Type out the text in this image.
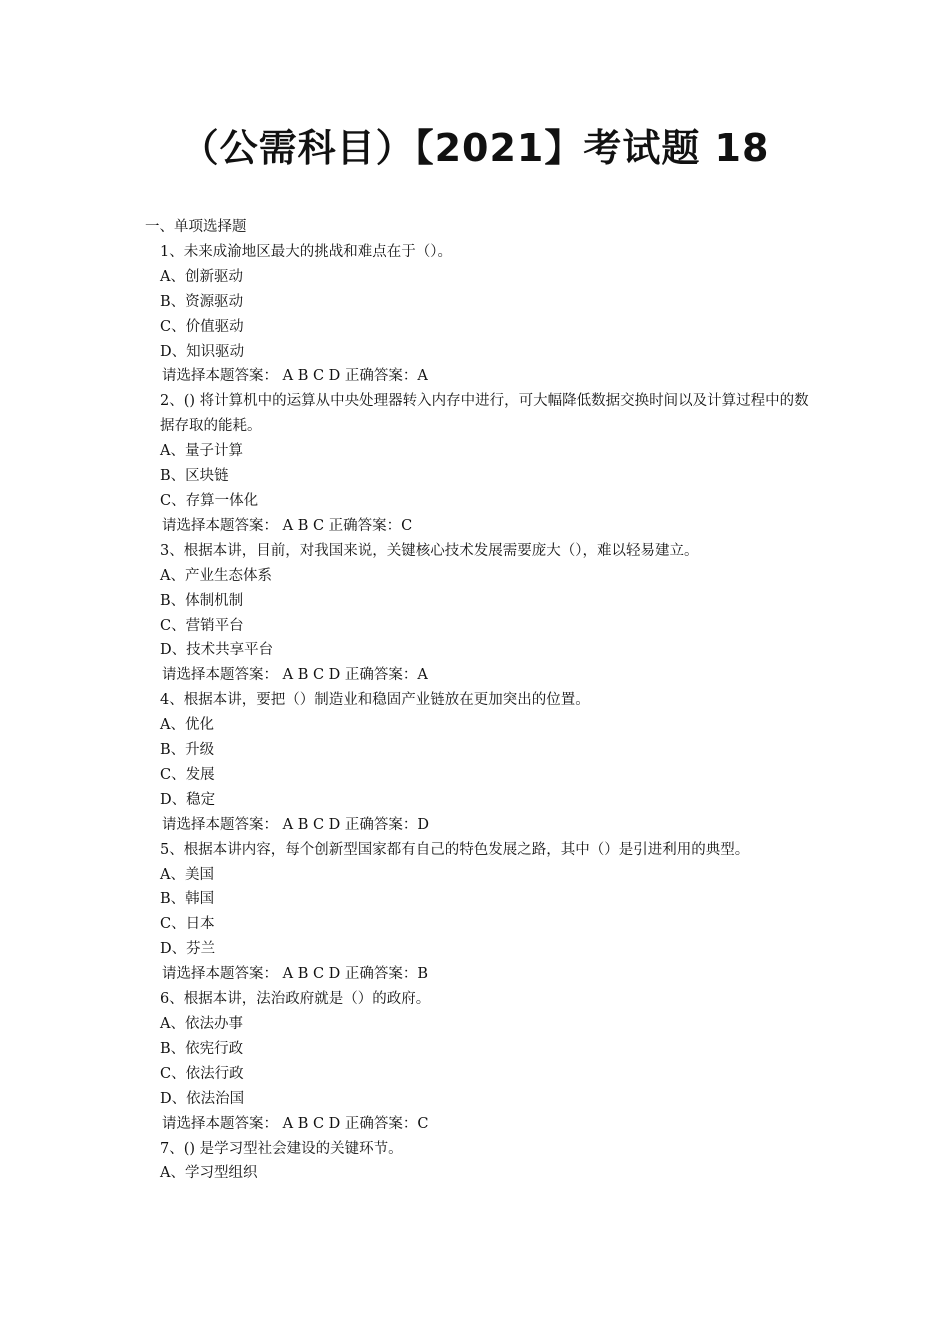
（公需科目）【2021】考试题 18
一、单项选择题
1、未来成渝地区最大的挑战和难点在于（）。
A、创新驱动
B、资源驱动
C、价值驱动
D、知识驱动
请选择本题答案： A B C D 正确答案：A
2、() 将计算机中的运算从中央处理器转入内存中进行，可大幅降低数据交换时间以及计算过程中的数据存取的能耗。
A、量子计算
B、区块链
C、存算一体化
请选择本题答案： A B C 正确答案：C
3、根据本讲，目前，对我国来说，关键核心技术发展需要庞大（），难以轻易建立。
A、产业生态体系
B、体制机制
C、营销平台
D、技术共享平台
请选择本题答案： A B C D 正确答案：A
4、根据本讲，要把（）制造业和稳固产业链放在更加突出的位置。
A、优化
B、升级
C、发展
D、稳定
请选择本题答案： A B C D 正确答案：D
5、根据本讲内容，每个创新型国家都有自己的特色发展之路，其中（）是引进利用的典型。
A、美国
B、韩国
C、日本
D、芬兰
请选择本题答案： A B C D 正确答案：B
6、根据本讲，法治政府就是（）的政府。
A、依法办事
B、依宪行政
C、依法行政
D、依法治国
请选择本题答案： A B C D 正确答案：C
7、() 是学习型社会建设的关键环节。
A、学习型组织
